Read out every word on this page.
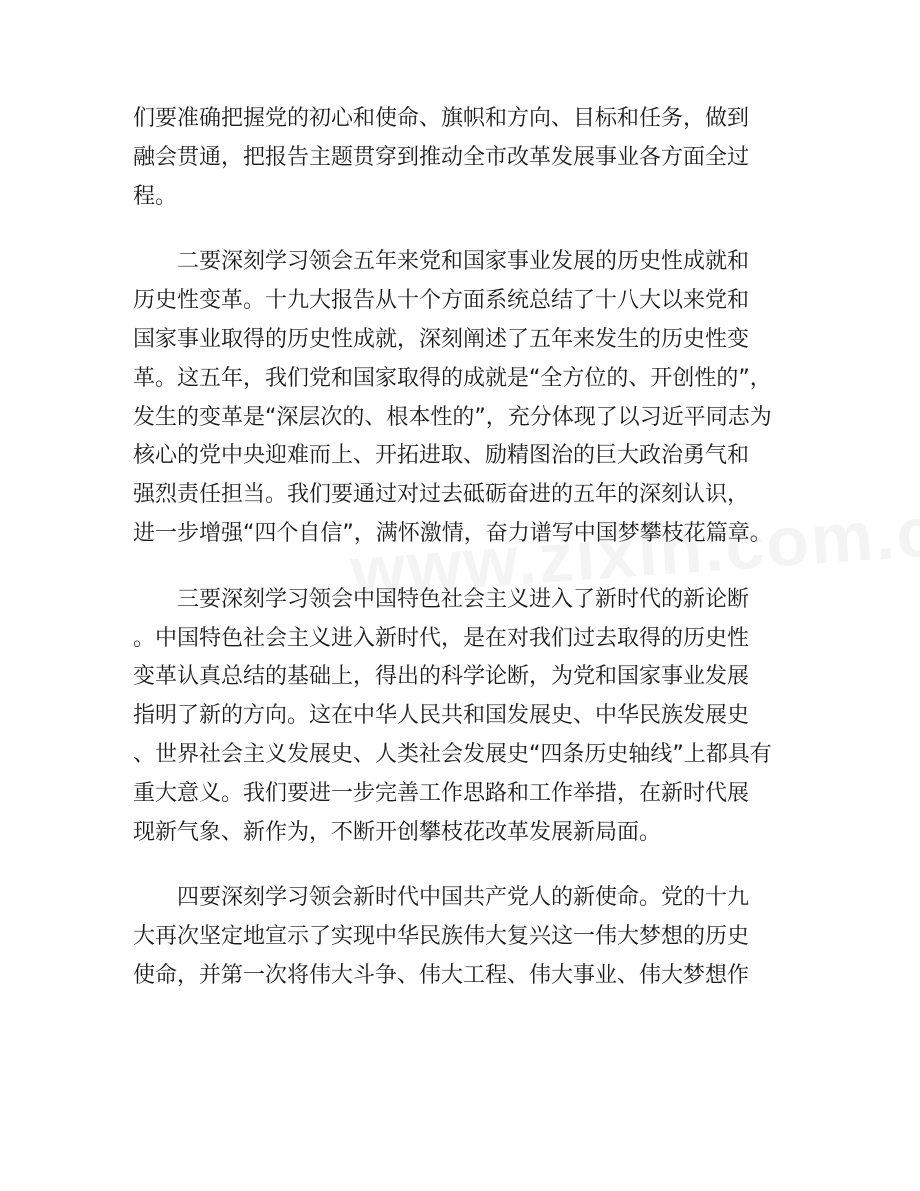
们要准确把握党的初心和使命、旗帜和方向、目标和任务，做到
融会贯通，把报告主题贯穿到推动全市改革发展事业各方面全过
程。
二要深刻学习领会五年来党和国家事业发展的历史性成就和
历史性变革。十九大报告从十个方面系统总结了十八大以来党和
国家事业取得的历史性成就，深刻阐述了五年来发生的历史性变
革。这五年，我们党和国家取得的成就是“全方位的、开创性的”，
发生的变革是“深层次的、根本性的”，充分体现了以习近平同志为
核心的党中央迎难而上、开拓进取、励精图治的巨大政治勇气和
强烈责任担当。我们要通过对过去砥砺奋进的五年的深刻认识，
进一步增强“四个自信”，满怀激情，奋力谱写中国梦攀枝花篇章。
三要深刻学习领会中国特色社会主义进入了新时代的新论断
。中国特色社会主义进入新时代，是在对我们过去取得的历史性
变革认真总结的基础上，得出的科学论断，为党和国家事业发展
指明了新的方向。这在中华人民共和国发展史、中华民族发展史
、世界社会主义发展史、人类社会发展史“四条历史轴线”上都具有
重大意义。我们要进一步完善工作思路和工作举措，在新时代展
现新气象、新作为，不断开创攀枝花改革发展新局面。
四要深刻学习领会新时代中国共产党人的新使命。党的十九
大再次坚定地宣示了实现中华民族伟大复兴这一伟大梦想的历史
使命，并第一次将伟大斗争、伟大工程、伟大事业、伟大梦想作
